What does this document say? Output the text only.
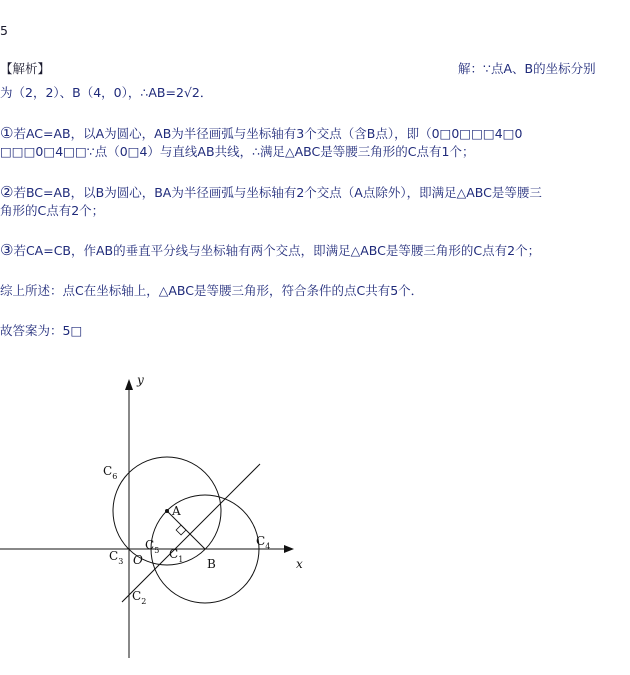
5
【解析】	解：∵点A、B的坐标分别
为（2，2）、B（4，0），∴AB=2√2．
①若AC=AB，以A为圆心，AB为半径画弧与坐标轴有3个交点（含B点），即（0□0□□□4□0
□□□0□4□□∵点（0□4）与直线AB共线，∴满足△ABC是等腰三角形的C点有1个；
②若BC=AB，以B为圆心，BA为半径画弧与坐标轴有2个交点（A点除外），即满足△ABC是等腰三
角形的C点有2个；
③若CA=CB，作AB的垂直平分线与坐标轴有两个交点，即满足△ABC是等腰三角形的C点有2个；
综上所述：点C在坐标轴上，△ABC是等腰三角形，符合条件的点C共有5个．
故答案为：5□
y
x
O
A
B
$C_6$
$C_4$
$C_5$ $C_1$
$C_3$
$C_2$
